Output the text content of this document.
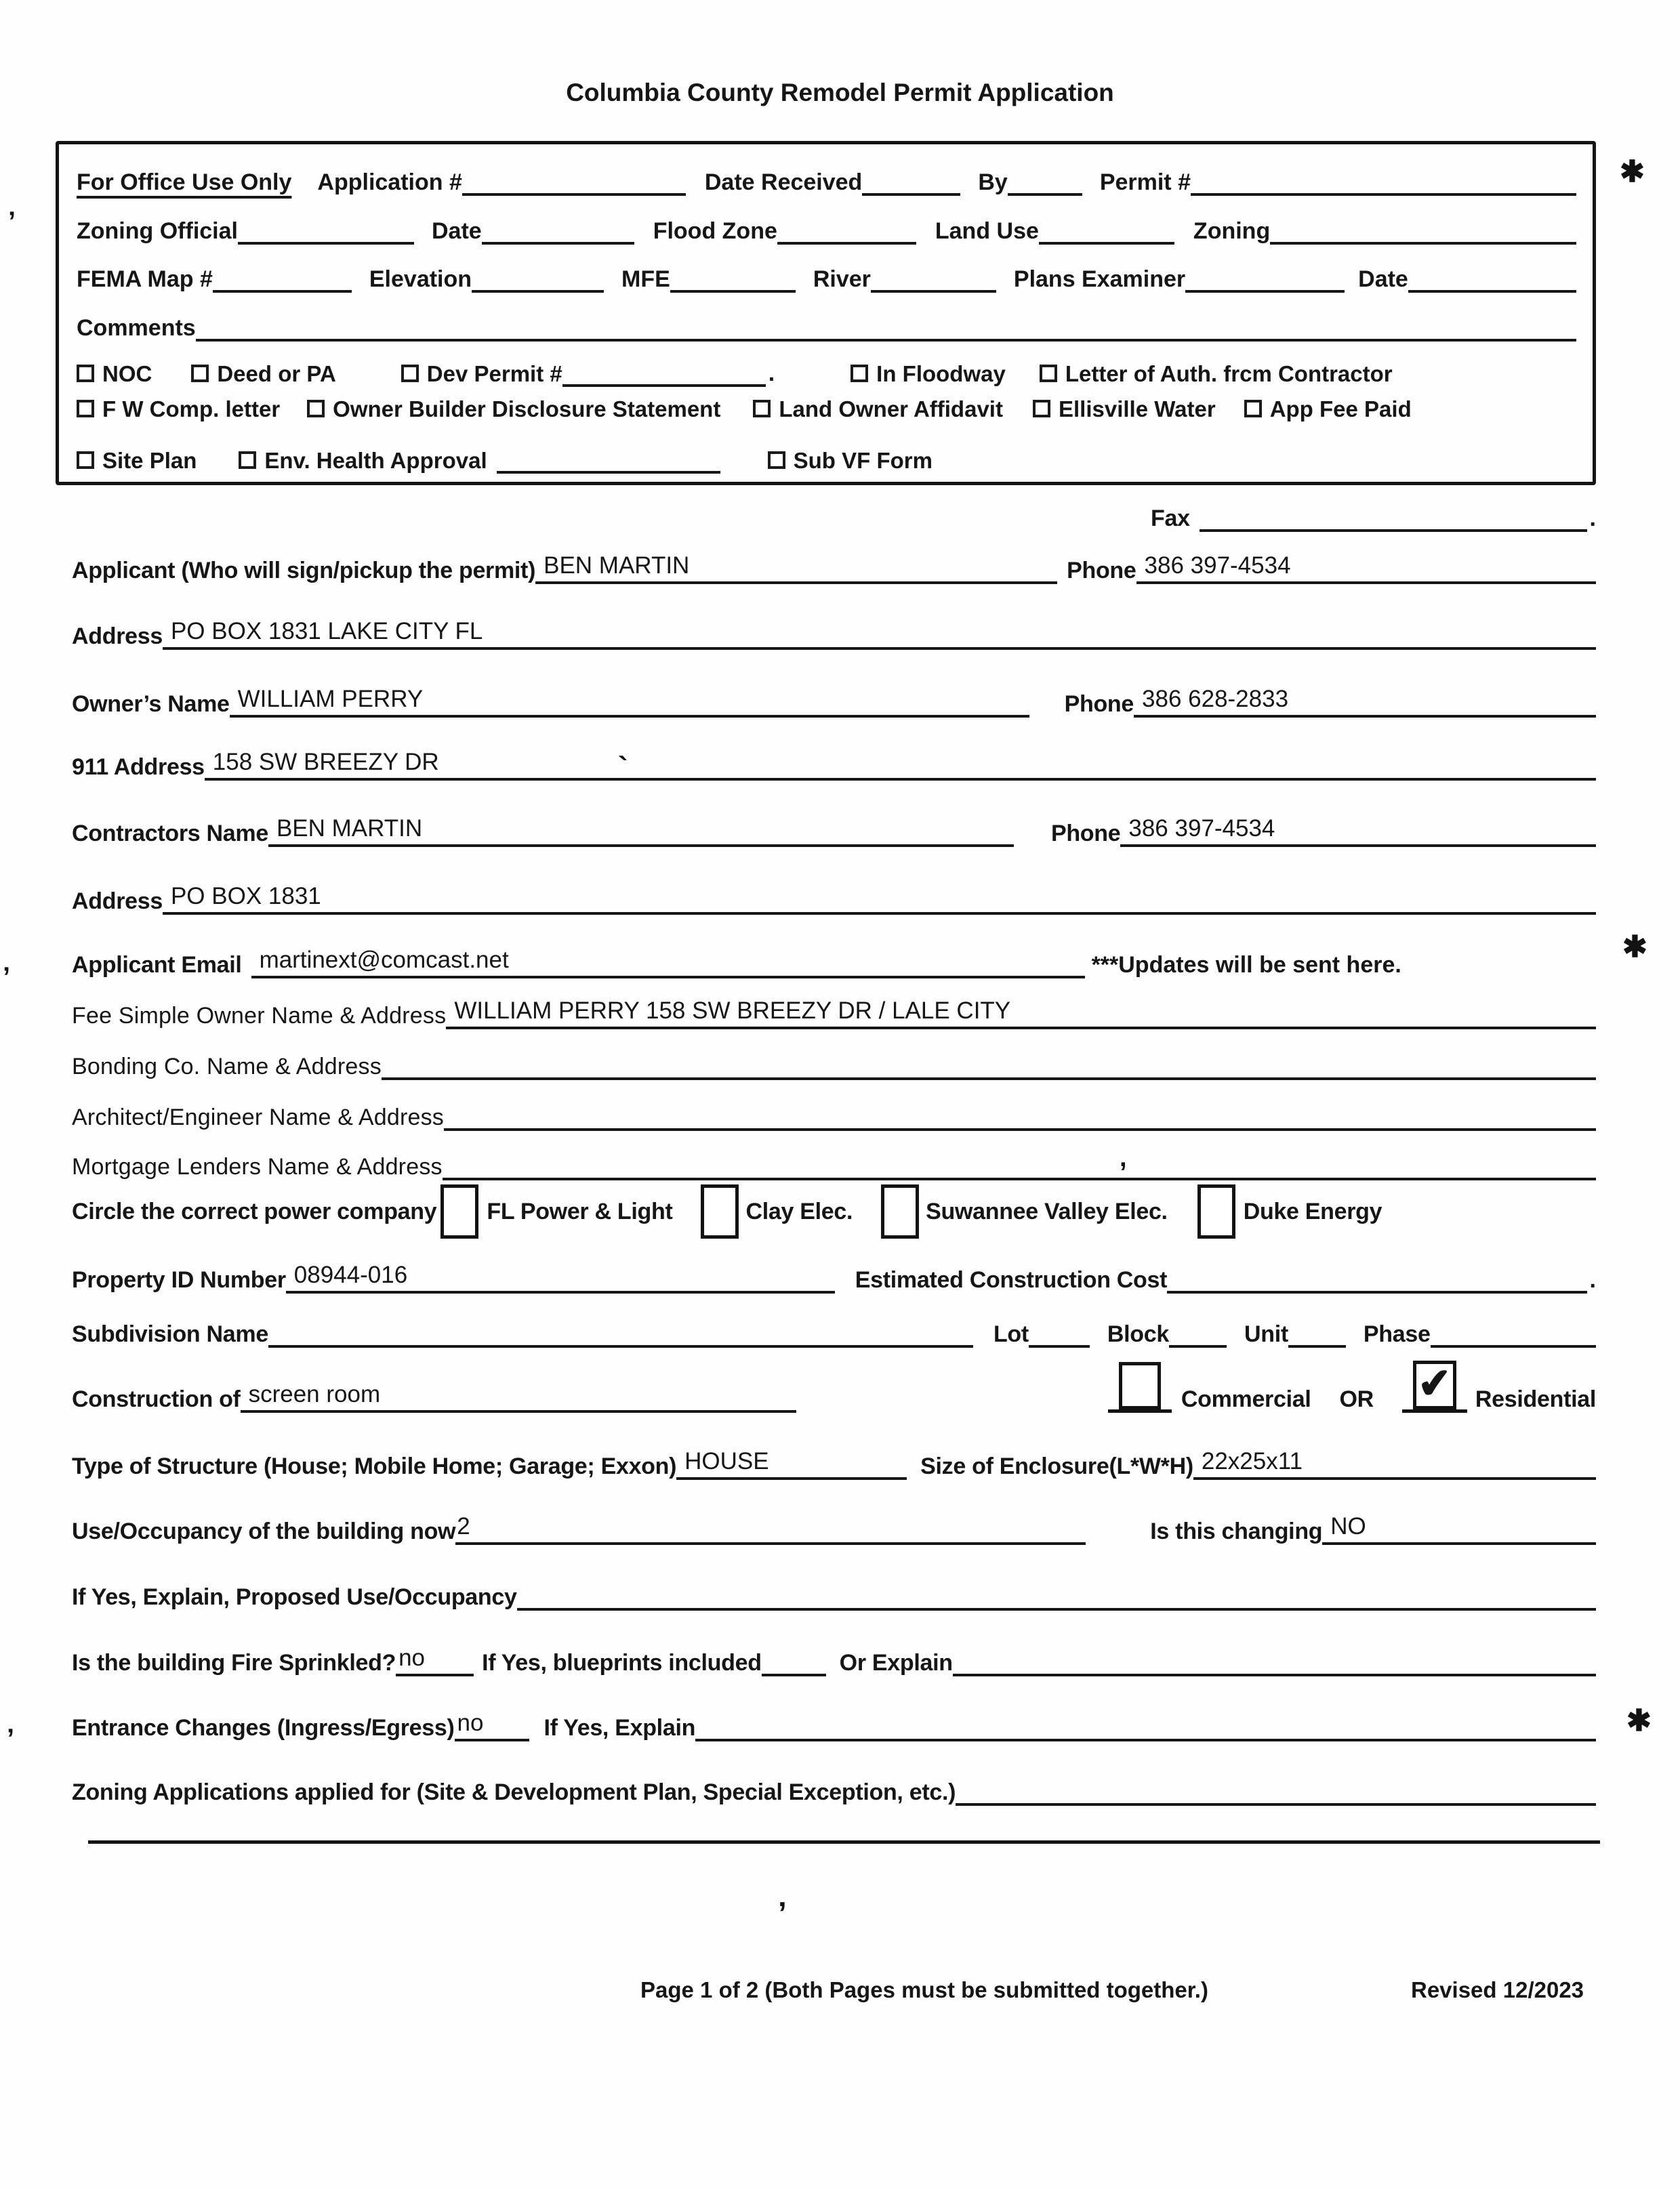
Columbia County Remodel Permit Application
For Office Use Only Application #	Date Received	By	Permit #
Zoning Official	Date	Flood Zone	Land Use	Zoning
FEMA Map #	Elevation	MFE	River	Plans Examiner	Date
Comments
NOC	Deed or PA	Dev Permit #	.	In Floodway	Letter of Auth. frcm Contractor
F W Comp. letter Owner Builder Disclosure Statement	Land Owner Affidavit Ellisville Water App Fee Paid
Site Plan	Env. Health Approval	Sub VF Form
Fax	.
Applicant (Who will sign/pickup the permit) BEN MARTIN	Phone 386 397-4534
Address PO BOX 1831 LAKE CITY FL
Owner’s Name WILLIAM PERRY	Phone 386 628-2833
911 Address 158 SW BREEZY DR
Contractors Name BEN MARTIN	Phone 386 397-4534
Address PO BOX 1831
Applicant Email martinext@comcast.net	***Updates will be sent here.
Fee Simple Owner Name & Address WILLIAM PERRY 158 SW BREEZY DR / LALE CITY
Bonding Co. Name & Address
Architect/Engineer Name & Address
Mortgage Lenders Name & Address
Circle the correct power company FL Power & Light	Clay Elec.	Suwannee Valley Elec.	Duke Energy
Property ID Number 08944-016	Estimated Construction Cost	.
Subdivision Name	Lot	Block	Unit	Phase
Construction of screen room	Commercial OR ✔ Residential
Type of Structure (House; Mobile Home; Garage; Exxon) HOUSE	Size of Enclosure(L*W*H) 22x25x11
Use/Occupancy of the building now 2	Is this changing NO
If Yes, Explain, Proposed Use/Occupancy
Is the building Fire Sprinkled? no If Yes, blueprints included	Or Explain
Entrance Changes (Ingress/Egress) no	If Yes, Explain
Zoning Applications applied for (Site & Development Plan, Special Exception, etc.)
Page 1 of 2 (Both Pages must be submitted together.)	Revised 12/2023
ʼ
ʼ
ʼ
✱
✱
✱
`
,
’
